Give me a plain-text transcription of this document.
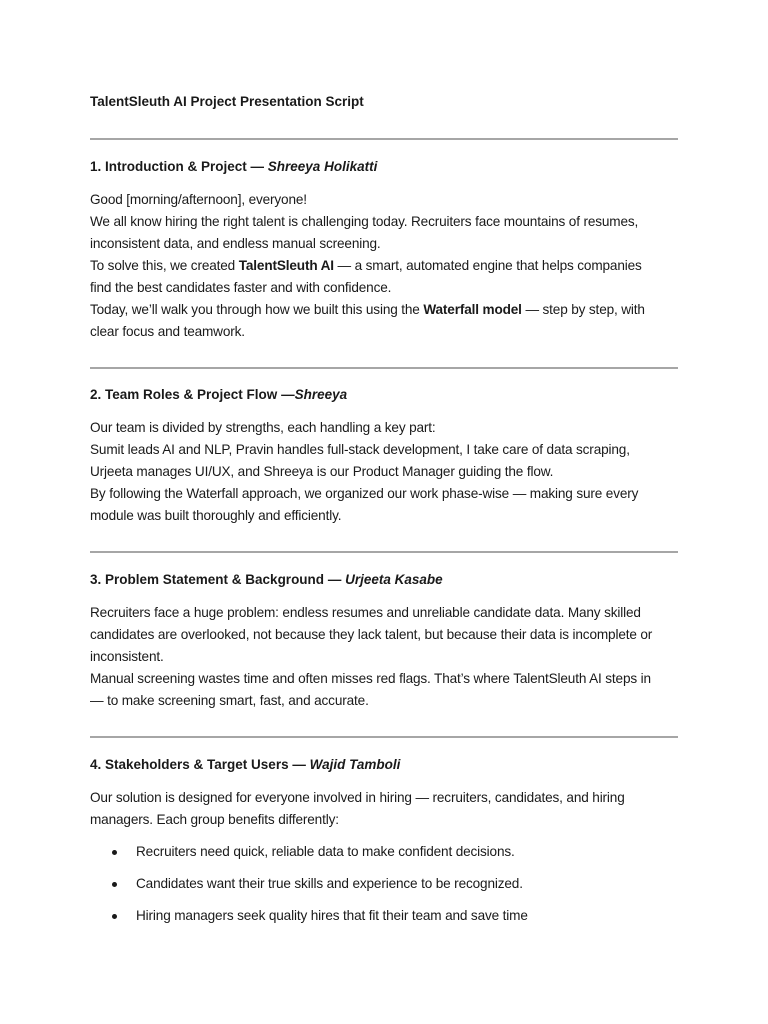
TalentSleuth AI Project Presentation Script
1. Introduction & Project — Shreeya Holikatti

Good [morning/afternoon], everyone!

We all know hiring the right talent is challenging today. Recruiters face mountains of resumes,

inconsistent data, and endless manual screening.

To solve this, we created TalentSleuth AI — a smart, automated engine that helps companies

find the best candidates faster and with confidence.

Today, we’ll walk you through how we built this using the Waterfall model — step by step, with

clear focus and teamwork.

2. Team Roles & Project Flow —Shreeya

Our team is divided by strengths, each handling a key part:

Sumit leads AI and NLP, Pravin handles full-stack development, I take care of data scraping,

Urjeeta manages UI/UX, and Shreeya is our Product Manager guiding the flow.

By following the Waterfall approach, we organized our work phase-wise — making sure every

module was built thoroughly and efficiently.

3. Problem Statement & Background — Urjeeta Kasabe

Recruiters face a huge problem: endless resumes and unreliable candidate data. Many skilled

candidates are overlooked, not because they lack talent, but because their data is incomplete or

inconsistent.

Manual screening wastes time and often misses red flags. That’s where TalentSleuth AI steps in

— to make screening smart, fast, and accurate.

4. Stakeholders & Target Users — Wajid Tamboli

Our solution is designed for everyone involved in hiring — recruiters, candidates, and hiring

managers. Each group benefits differently:

Recruiters need quick, reliable data to make confident decisions.
Candidates want their true skills and experience to be recognized.
Hiring managers seek quality hires that fit their team and save time
